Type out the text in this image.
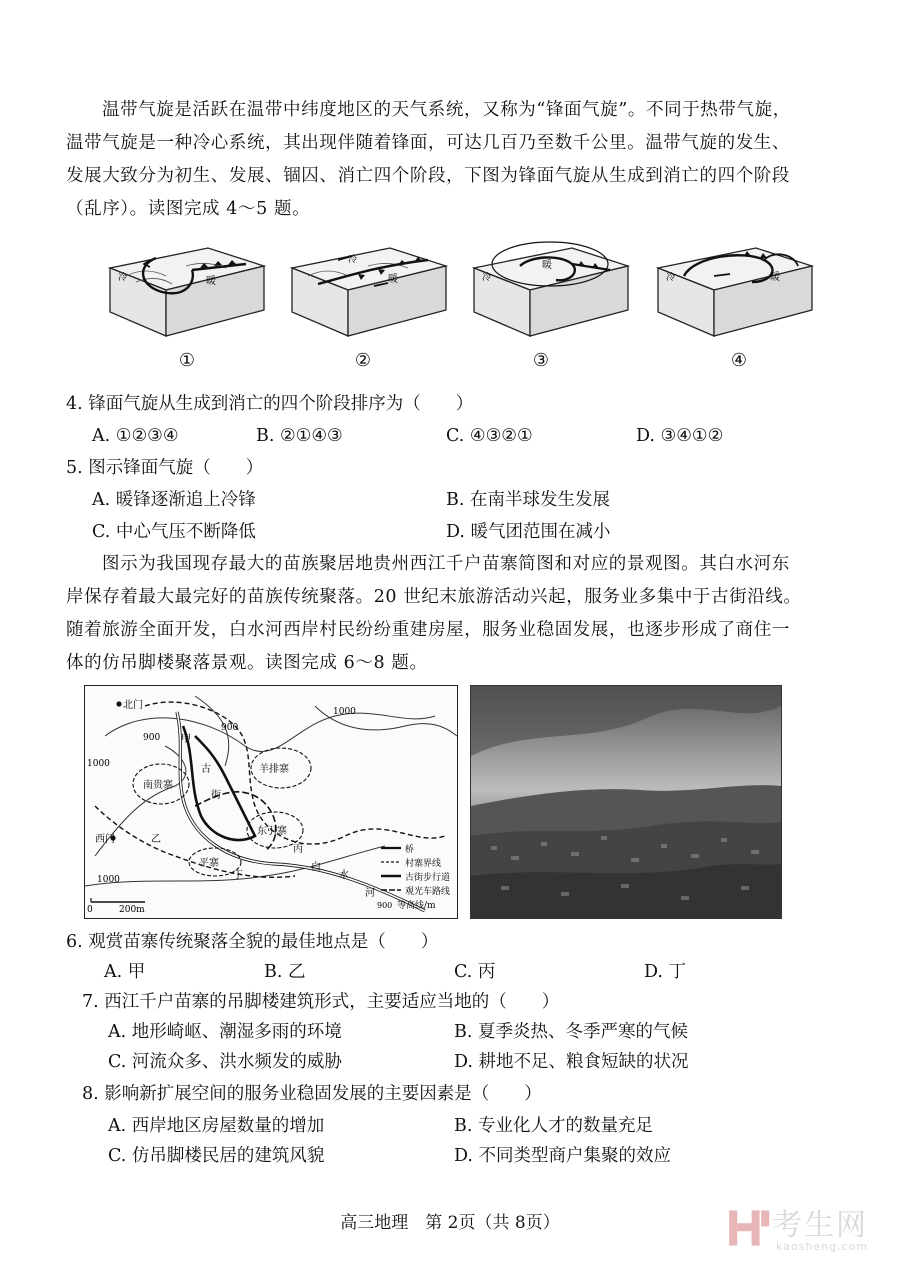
温带气旋是活跃在温带中纬度地区的天气系统，又称为“锋面气旋”。不同于热带气旋，
温带气旋是一种冷心系统，其出现伴随着锋面，可达几百乃至数千公里。温带气旋的发生、
发展大致分为初生、发展、锢囚、消亡四个阶段，下图为锋面气旋从生成到消亡的四个阶段
（乱序）。读图完成 4～5 题。
冷	暖
冷
暖	冷
暖
冷	暖
①	②	③	④
4. 锋面气旋从生成到消亡的四个阶段排序为（　　）
A. ①②③④	B. ②①④③	C. ④③②①	D. ③④①②
5. 图示锋面气旋（　　）
A. 暖锋逐渐追上冷锋	B. 在南半球发生发展
C. 中心气压不断降低	D. 暖气团范围在减小
图示为我国现存最大的苗族聚居地贵州西江千户苗寨简图和对应的景观图。其白水河东
岸保存着最大最完好的苗族传统聚落。20 世纪末旅游活动兴起，服务业多集中于古街沿线。
随着旅游全面开发，白水河西岸村民纷纷重建房屋，服务业稳固发展，也逐步形成了商住一
体的仿吊脚楼聚落景观。读图完成 6～8 题。
北门
南贵寨
羊排寨
东引寨
平寨
西门
甲
乙
丙
丁
1000
900
1000
900
1000
白
水
河
古
街
0	200m
桥
村寨界线
古街步行道
观光车路线
900 等高线/m
6. 观赏苗寨传统聚落全貌的最佳地点是（　　）
A. 甲	B. 乙	C. 丙	D. 丁
7. 西江千户苗寨的吊脚楼建筑形式，主要适应当地的（　　）
A. 地形崎岖、潮湿多雨的环境	B. 夏季炎热、冬季严寒的气候
C. 河流众多、洪水频发的威胁	D. 耕地不足、粮食短缺的状况
8. 影响新扩展空间的服务业稳固发展的主要因素是（　　）
A. 西岸地区房屋数量的增加	B. 专业化人才的数量充足
C. 仿吊脚楼民居的建筑风貌	D. 不同类型商户集聚的效应
高三地理　第 2页（共 8页）	考生网
kaosheng.com
